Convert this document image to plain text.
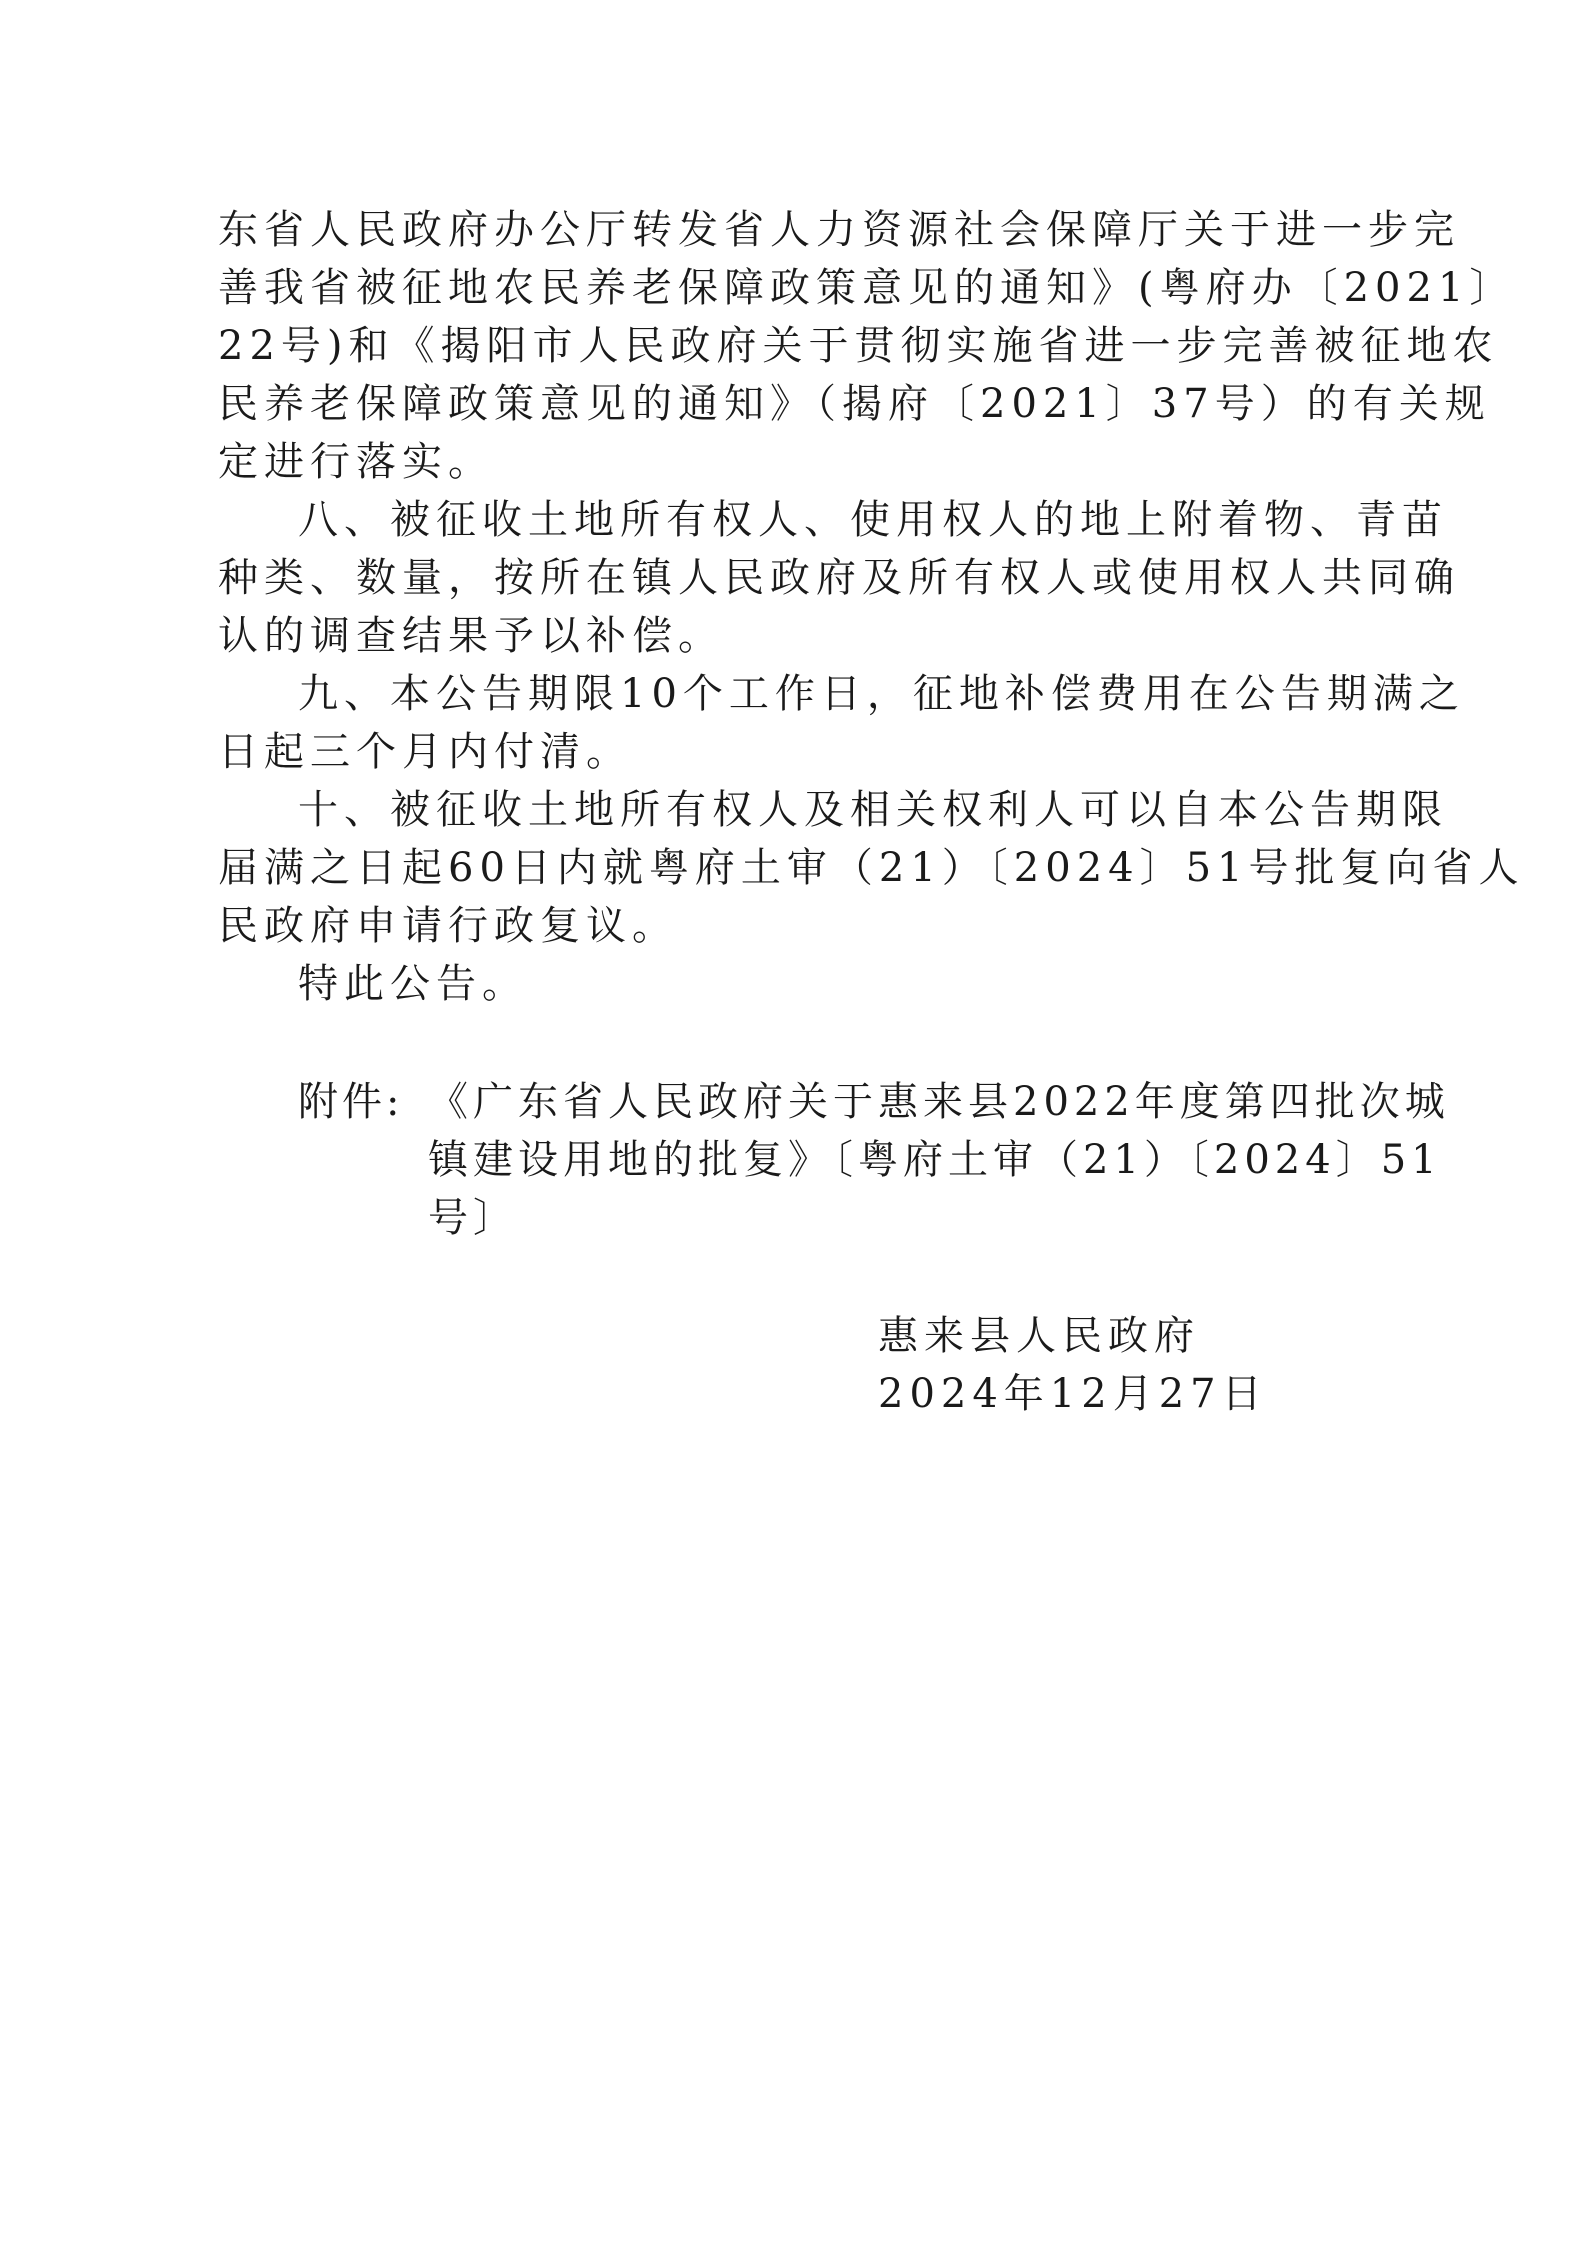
东省人民政府办公厅转发省人力资源社会保障厅关于进一步完
善我省被征地农民养老保障政策意见的通知》(粤府办〔2021〕
22号)和《揭阳市人民政府关于贯彻实施省进一步完善被征地农
民养老保障政策意见的通知》（揭府〔2021〕37号）的有关规
定进行落实。
八、被征收土地所有权人、使用权人的地上附着物、青苗
种类、数量，按所在镇人民政府及所有权人或使用权人共同确
认的调查结果予以补偿。
九、本公告期限10个工作日，征地补偿费用在公告期满之
日起三个月内付清。
十、被征收土地所有权人及相关权利人可以自本公告期限
届满之日起60日内就粤府土审（21）〔2024〕51号批复向省人
民政府申请行政复议。
特此公告。
附件: 《广东省人民政府关于惠来县2022年度第四批次城
镇建设用地的批复》〔粤府土审（21）〔2024〕51
号〕
惠来县人民政府
2024年12月27日
